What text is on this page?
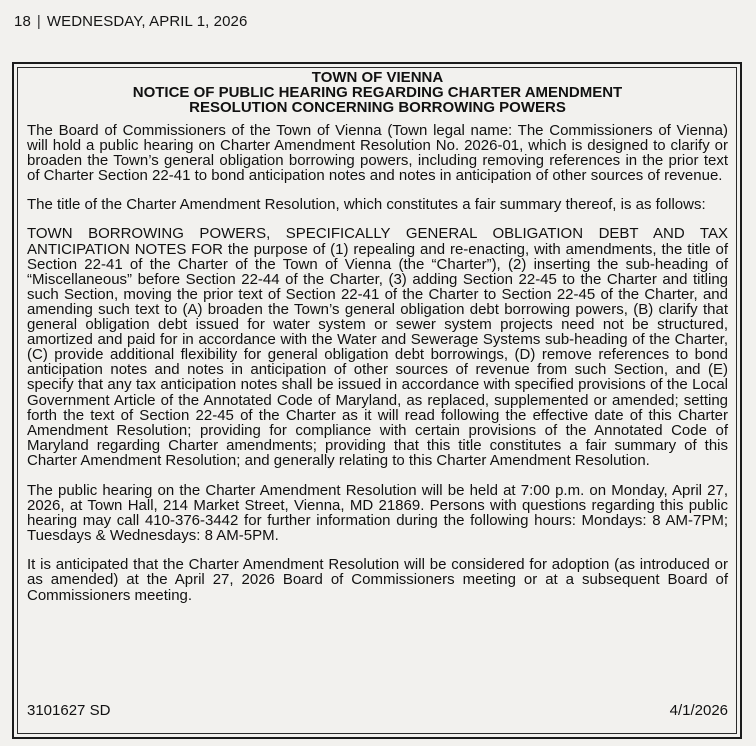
18 | WEDNESDAY, APRIL 1, 2026
TOWN OF VIENNA
NOTICE OF PUBLIC HEARING REGARDING CHARTER AMENDMENT
RESOLUTION CONCERNING BORROWING POWERS

The Board of Commissioners of the Town of Vienna (Town legal name: The Commissioners of Vienna) will hold a public hearing on Charter Amendment Resolution No. 2026-01, which is designed to clarify or broaden the Town’s general obligation borrowing powers, including removing references in the prior text of Charter Section 22-41 to bond anticipation notes and notes in anticipation of other sources of revenue.

The title of the Charter Amendment Resolution, which constitutes a fair summary thereof, is as follows:

TOWN BORROWING POWERS, SPECIFICALLY GENERAL OBLIGATION DEBT AND TAX ANTICIPATION NOTES FOR the purpose of (1) repealing and re-enacting, with amendments, the title of Section 22-41 of the Charter of the Town of Vienna (the “Charter”), (2) inserting the sub-heading of “Miscellaneous” before Section 22-44 of the Charter, (3) adding Section 22-45 to the Charter and titling such Section, moving the prior text of Section 22-41 of the Charter to Section 22-45 of the Charter, and amending such text to (A) broaden the Town’s general obligation debt borrowing powers, (B) clarify that general obligation debt issued for water system or sewer system projects need not be structured, amortized and paid for in accordance with the Water and Sewerage Systems sub-heading of the Charter, (C) provide additional flexibility for general obligation debt borrowings, (D) remove references to bond anticipation notes and notes in anticipation of other sources of revenue from such Section, and (E) specify that any tax anticipation notes shall be issued in accordance with specified provisions of the Local Government Article of the Annotated Code of Maryland, as replaced, supplemented or amended; setting forth the text of Section 22-45 of the Charter as it will read following the effective date of this Charter Amendment Resolution; providing for compliance with certain provisions of the Annotated Code of Maryland regarding Charter amendments; providing that this title constitutes a fair summary of this Charter Amendment Resolution; and generally relating to this Charter Amendment Resolution.

The public hearing on the Charter Amendment Resolution will be held at 7:00 p.m. on Monday, April 27, 2026, at Town Hall, 214 Market Street, Vienna, MD 21869. Persons with questions regarding this public hearing may call 410-376-3442 for further information during the following hours: Mondays: 8 AM-7PM; Tuesdays & Wednesdays: 8 AM-5PM.

It is anticipated that the Charter Amendment Resolution will be considered for adoption (as introduced or as amended) at the April 27, 2026 Board of Commissioners meeting or at a subsequent Board of Commissioners meeting.

3101627 SD	4/1/2026
